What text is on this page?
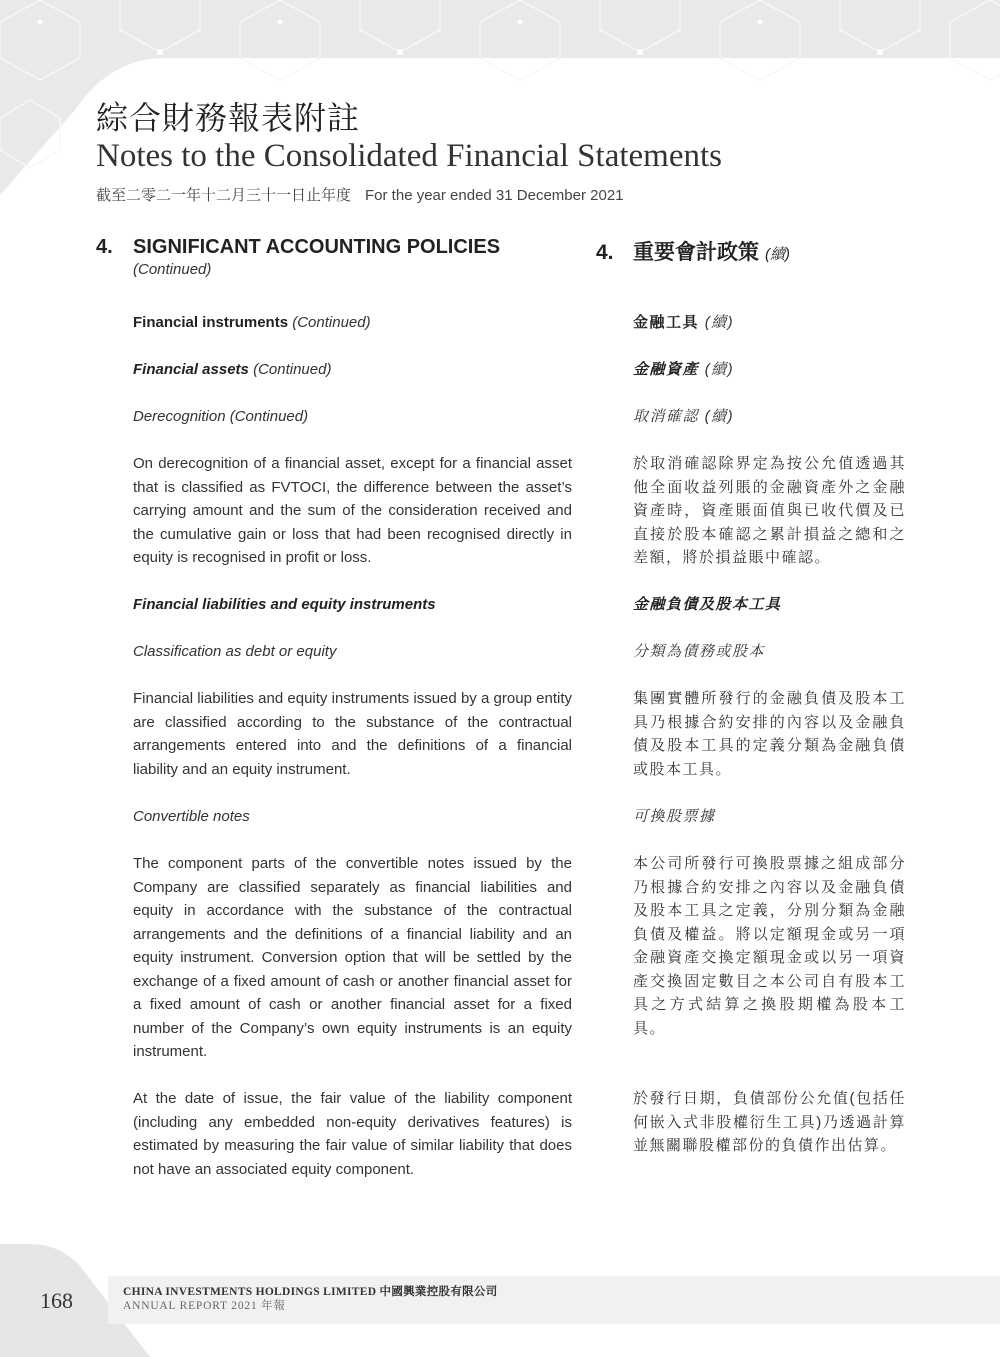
綜合財務報表附註
Notes to the Consolidated Financial Statements
截至二零二一年十二月三十一日止年度 For the year ended 31 December 2021
4.	SIGNIFICANT ACCOUNTING POLICIES
(Continued)
Financial instruments (Continued)
Financial assets (Continued)
Derecognition (Continued)
On derecognition of a financial asset, except for a financial asset that is classified as FVTOCI, the difference between the asset’s carrying amount and the sum of the consideration received and the cumulative gain or loss that had been recognised directly in equity is recognised in profit or loss.
Financial liabilities and equity instruments
Classification as debt or equity
Financial liabilities and equity instruments issued by a group entity are classified according to the substance of the contractual arrangements entered into and the definitions of a financial liability and an equity instrument.
Convertible notes
The component parts of the convertible notes issued by the Company are classified separately as financial liabilities and equity in accordance with the substance of the contractual arrangements and the definitions of a financial liability and an equity instrument. Conversion option that will be settled by the exchange of a fixed amount of cash or another financial asset for a fixed amount of cash or another financial asset for a fixed number of the Company’s own equity instruments is an equity instrument.
At the date of issue, the fair value of the liability component (including any embedded non-equity derivatives features) is estimated by measuring the fair value of similar liability that does not have an associated equity component.
4. 重要會計政策 (續)
金融工具 (續)
金融資產 (續)
取消確認 (續)
於取消確認除界定為按公允值透過其他全面收益列賬的金融資產外之金融資產時，資產賬面值與已收代價及已直接於股本確認之累計損益之總和之差額，將於損益賬中確認。
金融負債及股本工具
分類為債務或股本
集團實體所發行的金融負債及股本工具乃根據合約安排的內容以及金融負債及股本工具的定義分類為金融負債或股本工具。
可換股票據
本公司所發行可換股票據之組成部分乃根據合約安排之內容以及金融負債及股本工具之定義，分別分類為金融負債及權益。將以定額現金或另一項金融資產交換定額現金或以另一項資產交換固定數目之本公司自有股本工具之方式結算之換股期權為股本工具。
於發行日期，負債部份公允值(包括任何嵌入式非股權衍生工具)乃透過計算並無關聯股權部份的負債作出估算。
168	CHINA INVESTMENTS HOLDINGS LIMITED 中國興業控股有限公司
ANNUAL REPORT 2021 年報
